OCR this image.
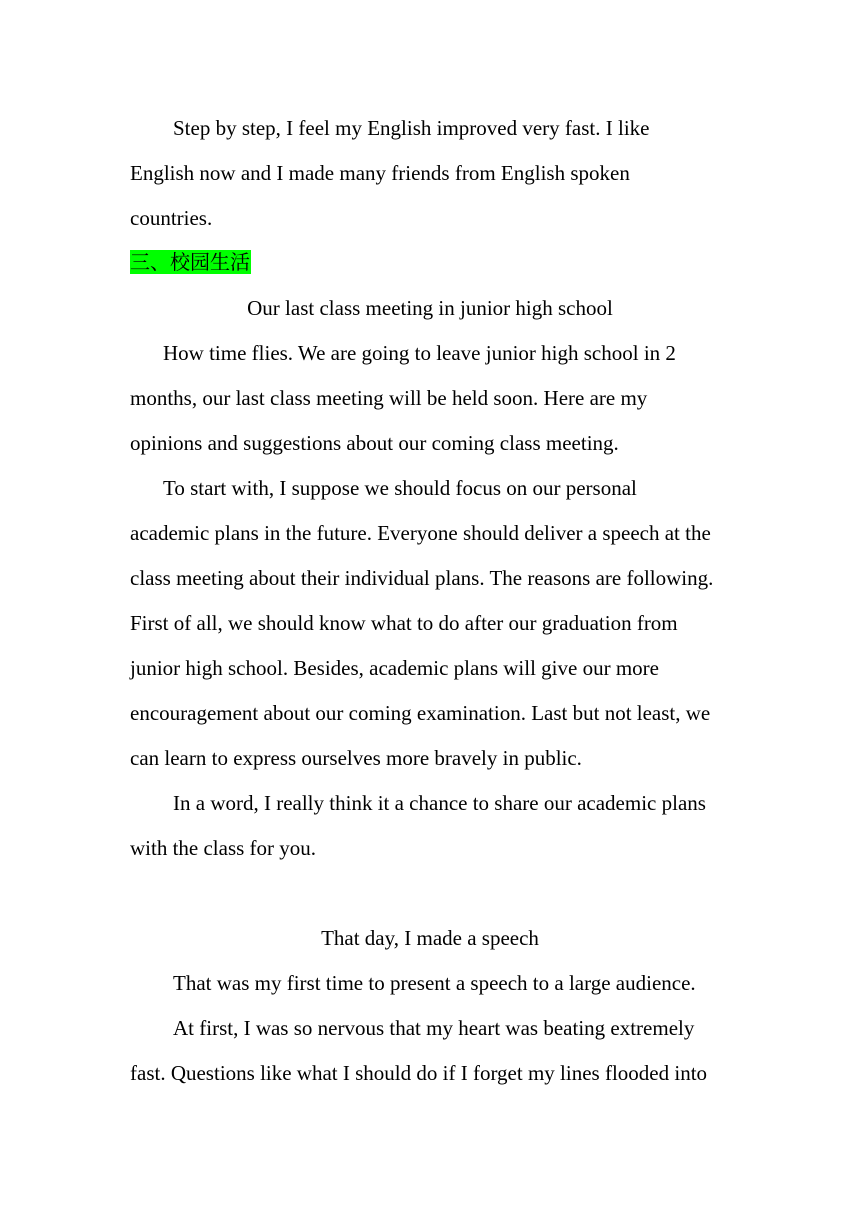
Step by step, I feel my English improved very fast. I like
English now and I made many friends from English spoken
countries.
三、校园生活
Our last class meeting in junior high school
How time flies. We are going to leave junior high school in 2
months, our last class meeting will be held soon. Here are my
opinions and suggestions about our coming class meeting.
To start with, I suppose we should focus on our personal
academic plans in the future. Everyone should deliver a speech at the
class meeting about their individual plans. The reasons are following.
First of all, we should know what to do after our graduation from
junior high school. Besides, academic plans will give our more
encouragement about our coming examination. Last but not least, we
can learn to express ourselves more bravely in public.
In a word, I really think it a chance to share our academic plans
with the class for you.
That day, I made a speech
That was my first time to present a speech to a large audience.
At first, I was so nervous that my heart was beating extremely
fast. Questions like what I should do if I forget my lines flooded into
